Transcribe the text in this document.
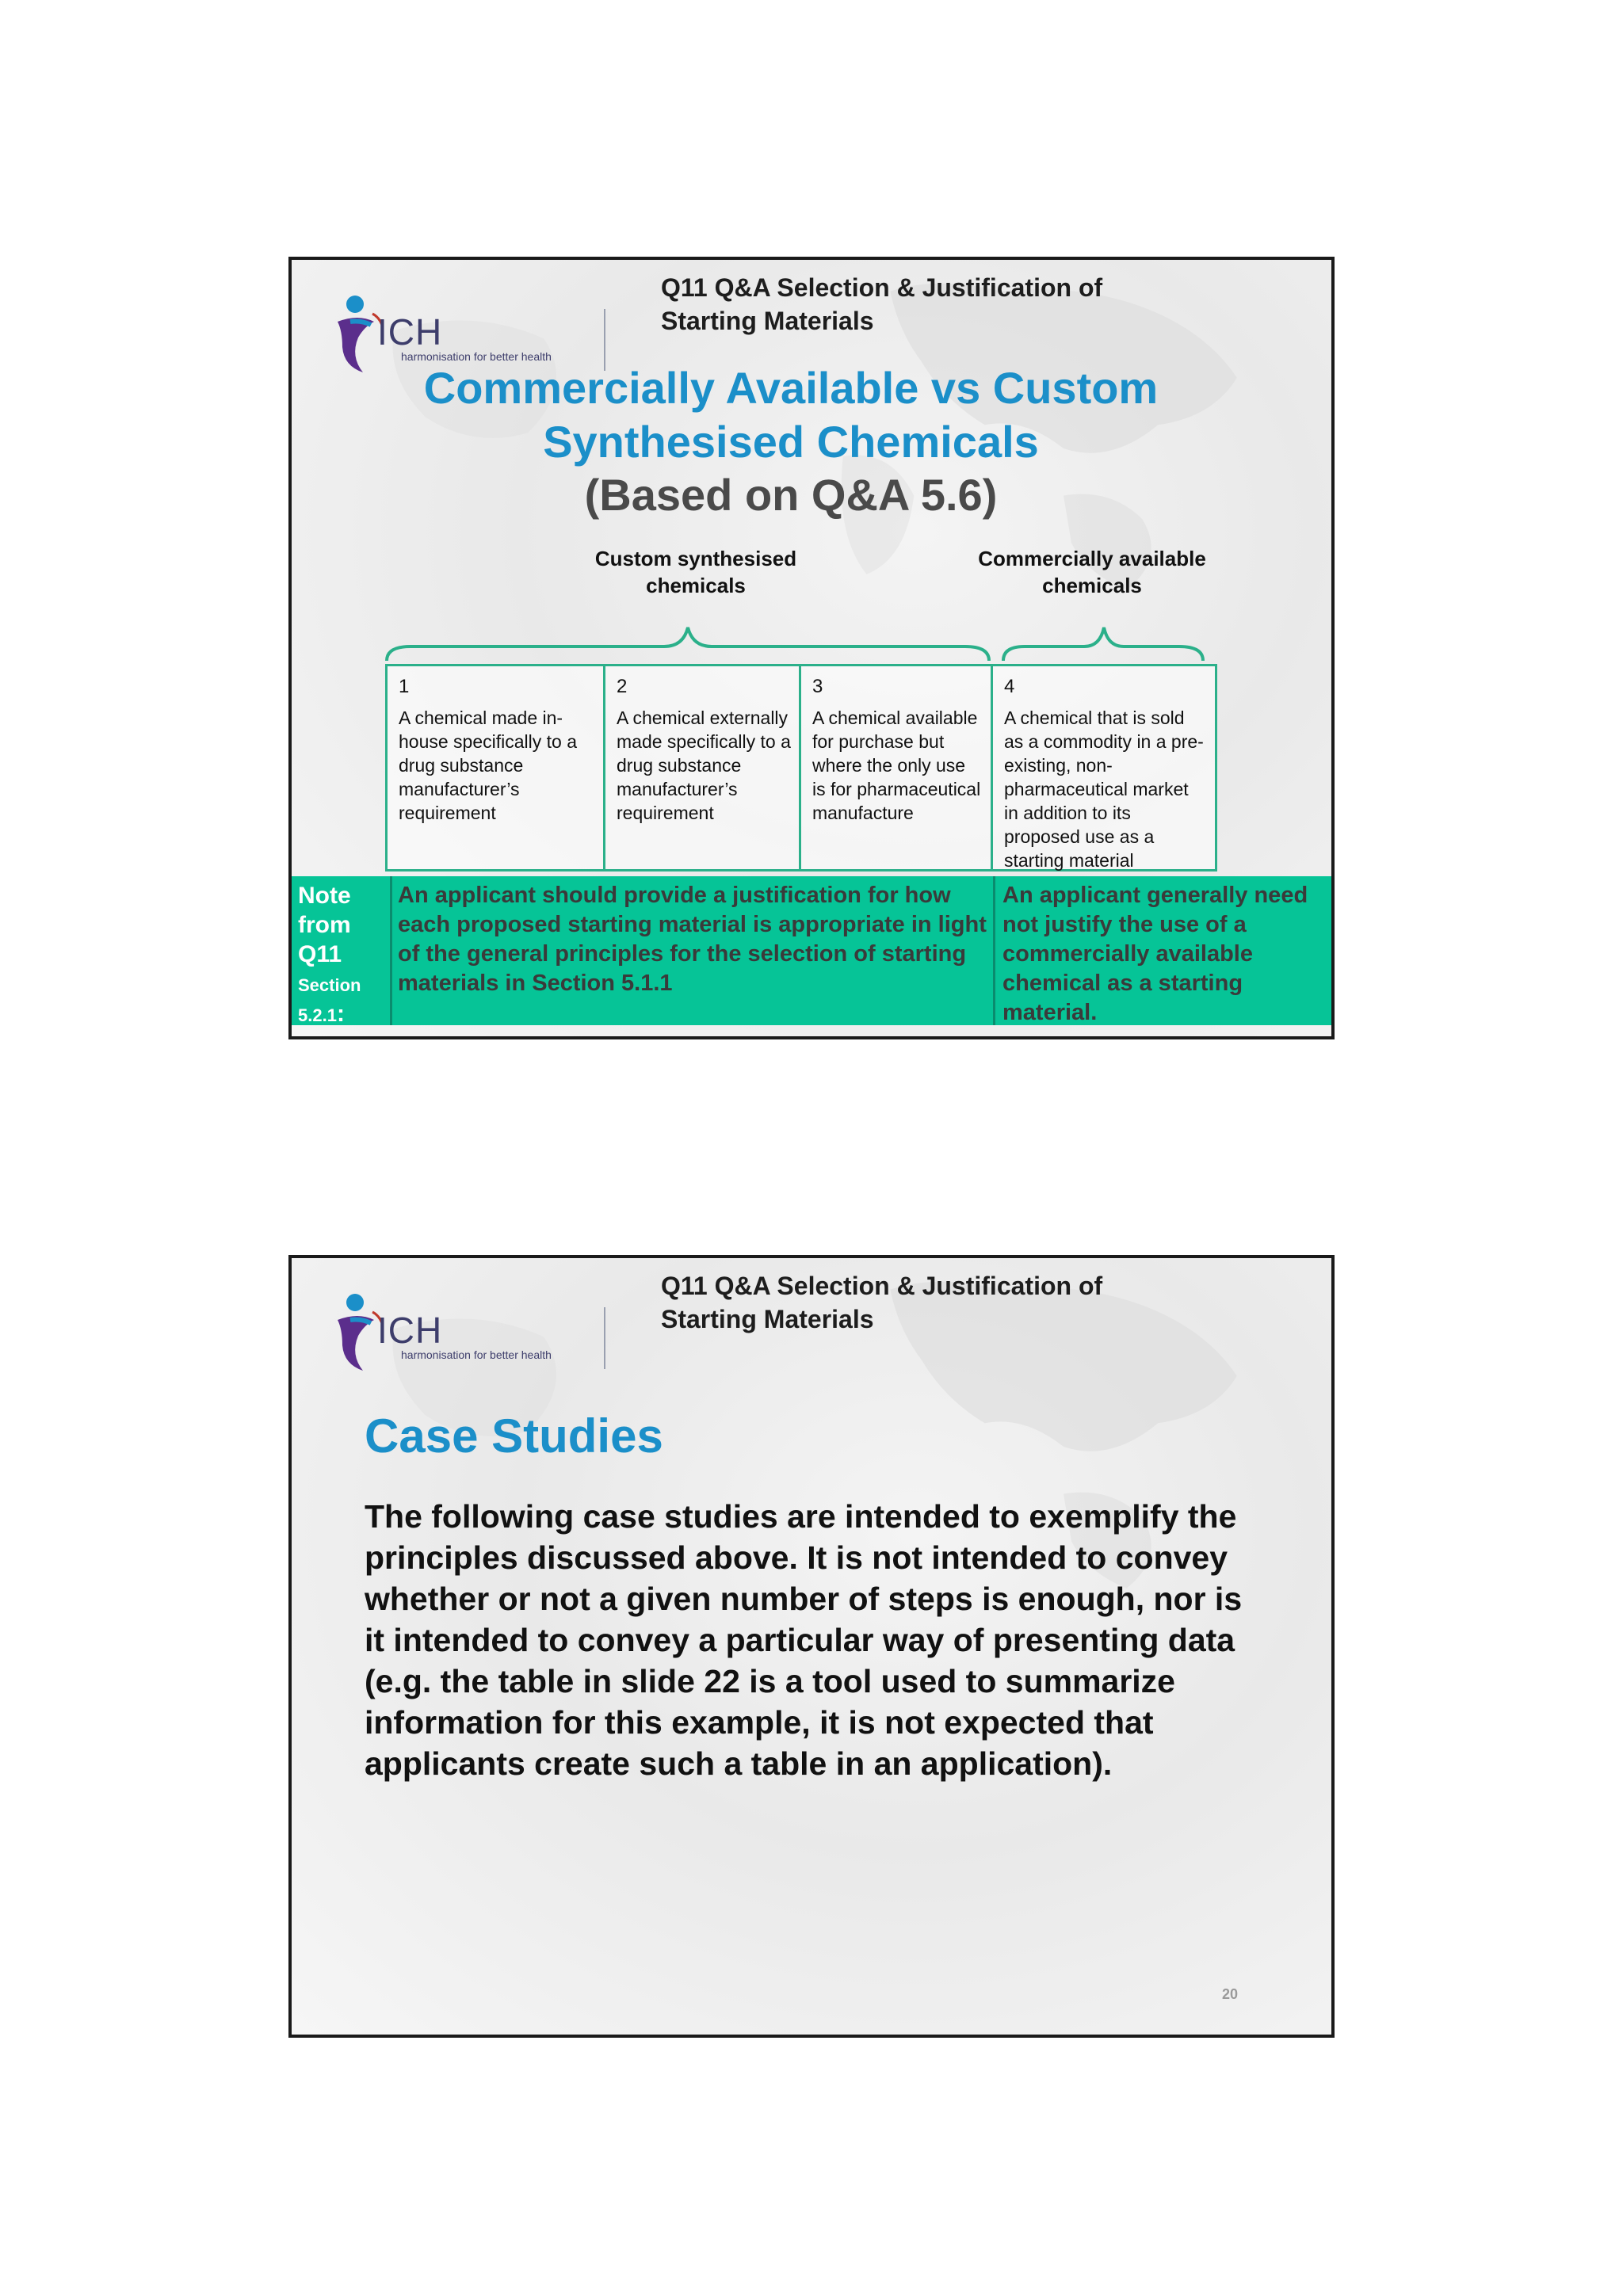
ICH
harmonisation for better health
Q11 Q&A Selection & Justification of Starting Materials
Commercially Available vs Custom Synthesised Chemicals
(Based on Q&A 5.6)
Custom synthesised chemicals
Commercially available chemicals
1
A chemical made in-house specifically to a drug substance manufacturer’s requirement
2
A chemical externally made specifically to a drug substance manufacturer’s requirement
3
A chemical available for purchase but where the only use is for pharmaceutical manufacture
4
A chemical that is sold as a commodity in a pre-existing, non-pharmaceutical market in addition to its proposed use as a starting material
Note from Q11
Section 5.2.1:
An applicant should provide a justification for how each proposed starting material is appropriate in light of the general principles for the selection of starting materials in Section 5.1.1
An applicant generally need not justify the use of a commercially available chemical as a starting material.
ICH
harmonisation for better health
Q11 Q&A Selection & Justification of Starting Materials
Case Studies
The following case studies are intended to exemplify the principles discussed above. It is not intended to convey whether or not a given number of steps is enough, nor is it intended to convey a particular way of presenting data (e.g. the table in slide 22 is a tool used to summarize information for this example, it is not expected that applicants create such a table in an application).
20
